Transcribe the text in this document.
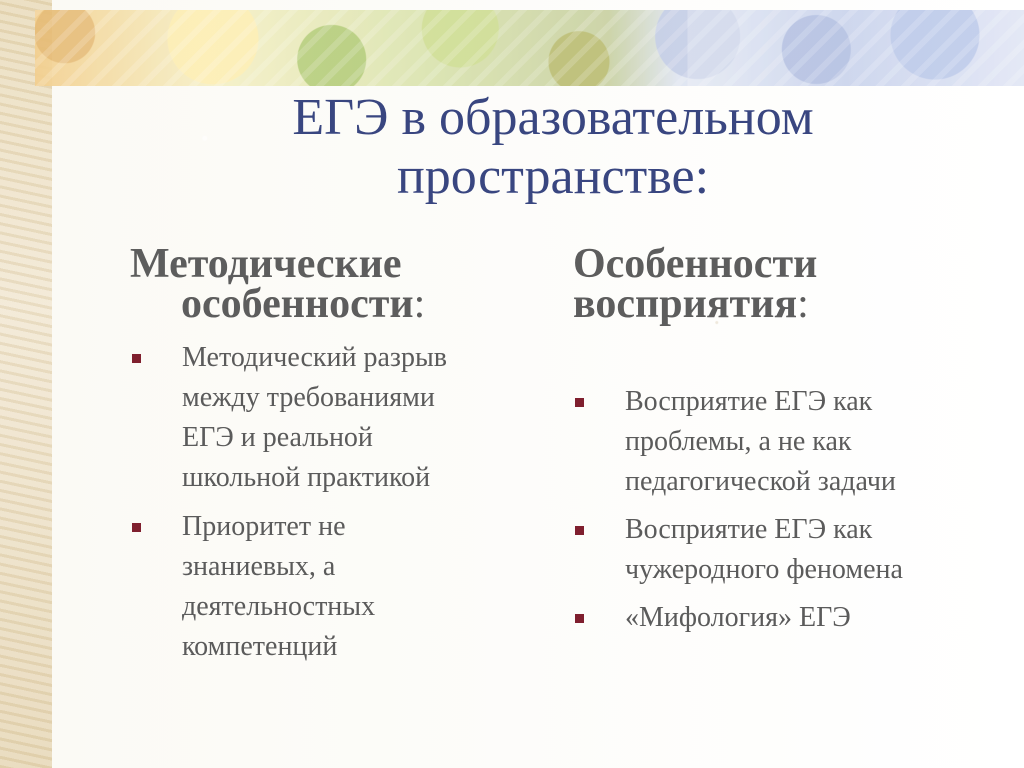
ЕГЭ в образовательном
пространстве:
Методические
особенности:
Методический разрыв
между требованиями
ЕГЭ и реальной
школьной практикой
Приоритет не
знаниевых, а
деятельностных
компетенций
Особенности восприятия:
Восприятие ЕГЭ как
проблемы, а не как
педагогической задачи
Восприятие ЕГЭ как
чужеродного феномена
«Мифология» ЕГЭ
